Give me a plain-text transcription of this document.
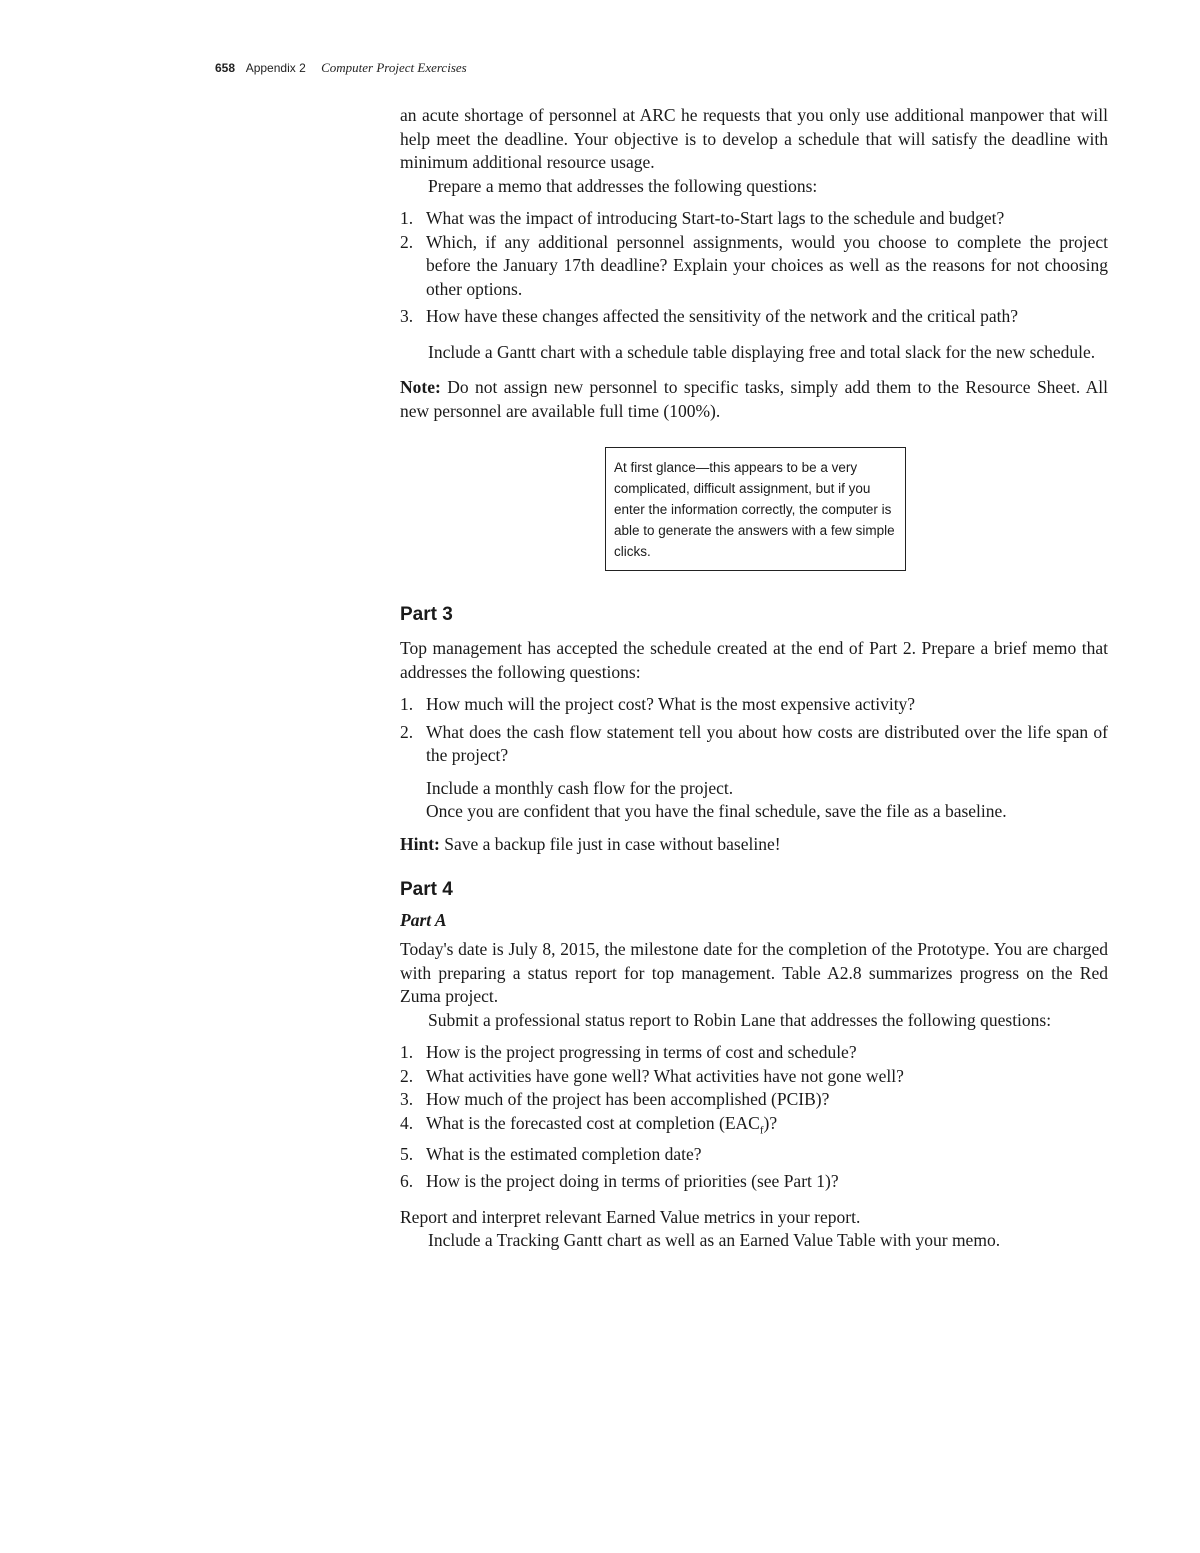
658 Appendix 2 Computer Project Exercises

an acute shortage of personnel at ARC he requests that you only use additional manpower that will help meet the deadline. Your objective is to develop a schedule that will satisfy the deadline with minimum additional resource usage.

Prepare a memo that addresses the following questions:

1. What was the impact of introducing Start-to-Start lags to the schedule and budget?
2. Which, if any additional personnel assignments, would you choose to complete the project before the January 17th deadline? Explain your choices as well as the reasons for not choosing other options.
3. How have these changes affected the sensitivity of the network and the critical path?

Include a Gantt chart with a schedule table displaying free and total slack for the new schedule.

Note: Do not assign new personnel to specific tasks, simply add them to the Resource Sheet. All new personnel are available full time (100%).

At first glance—this appears to be a very complicated, difficult assignment, but if you enter the information correctly, the computer is able to generate the answers with a few simple clicks.
Part 3

Top management has accepted the schedule created at the end of Part 2. Prepare a brief memo that addresses the following questions:

1. How much will the project cost? What is the most expensive activity?
2. What does the cash flow statement tell you about how costs are distributed over the life span of the project?

Include a monthly cash flow for the project.

Once you are confident that you have the final schedule, save the file as a baseline.

Hint: Save a backup file just in case without baseline!

Part 4
Part A

Today's date is July 8, 2015, the milestone date for the completion of the Prototype. You are charged with preparing a status report for top management. Table A2.8 summarizes progress on the Red Zuma project.

Submit a professional status report to Robin Lane that addresses the following questions:

1. How is the project progressing in terms of cost and schedule?
2. What activities have gone well? What activities have not gone well?
3. How much of the project has been accomplished (PCIB)?
4. What is the forecasted cost at completion $(EAC_f)$?
5. What is the estimated completion date?
6. How is the project doing in terms of priorities (see Part 1)?

Report and interpret relevant Earned Value metrics in your report.

Include a Tracking Gantt chart as well as an Earned Value Table with your memo.
